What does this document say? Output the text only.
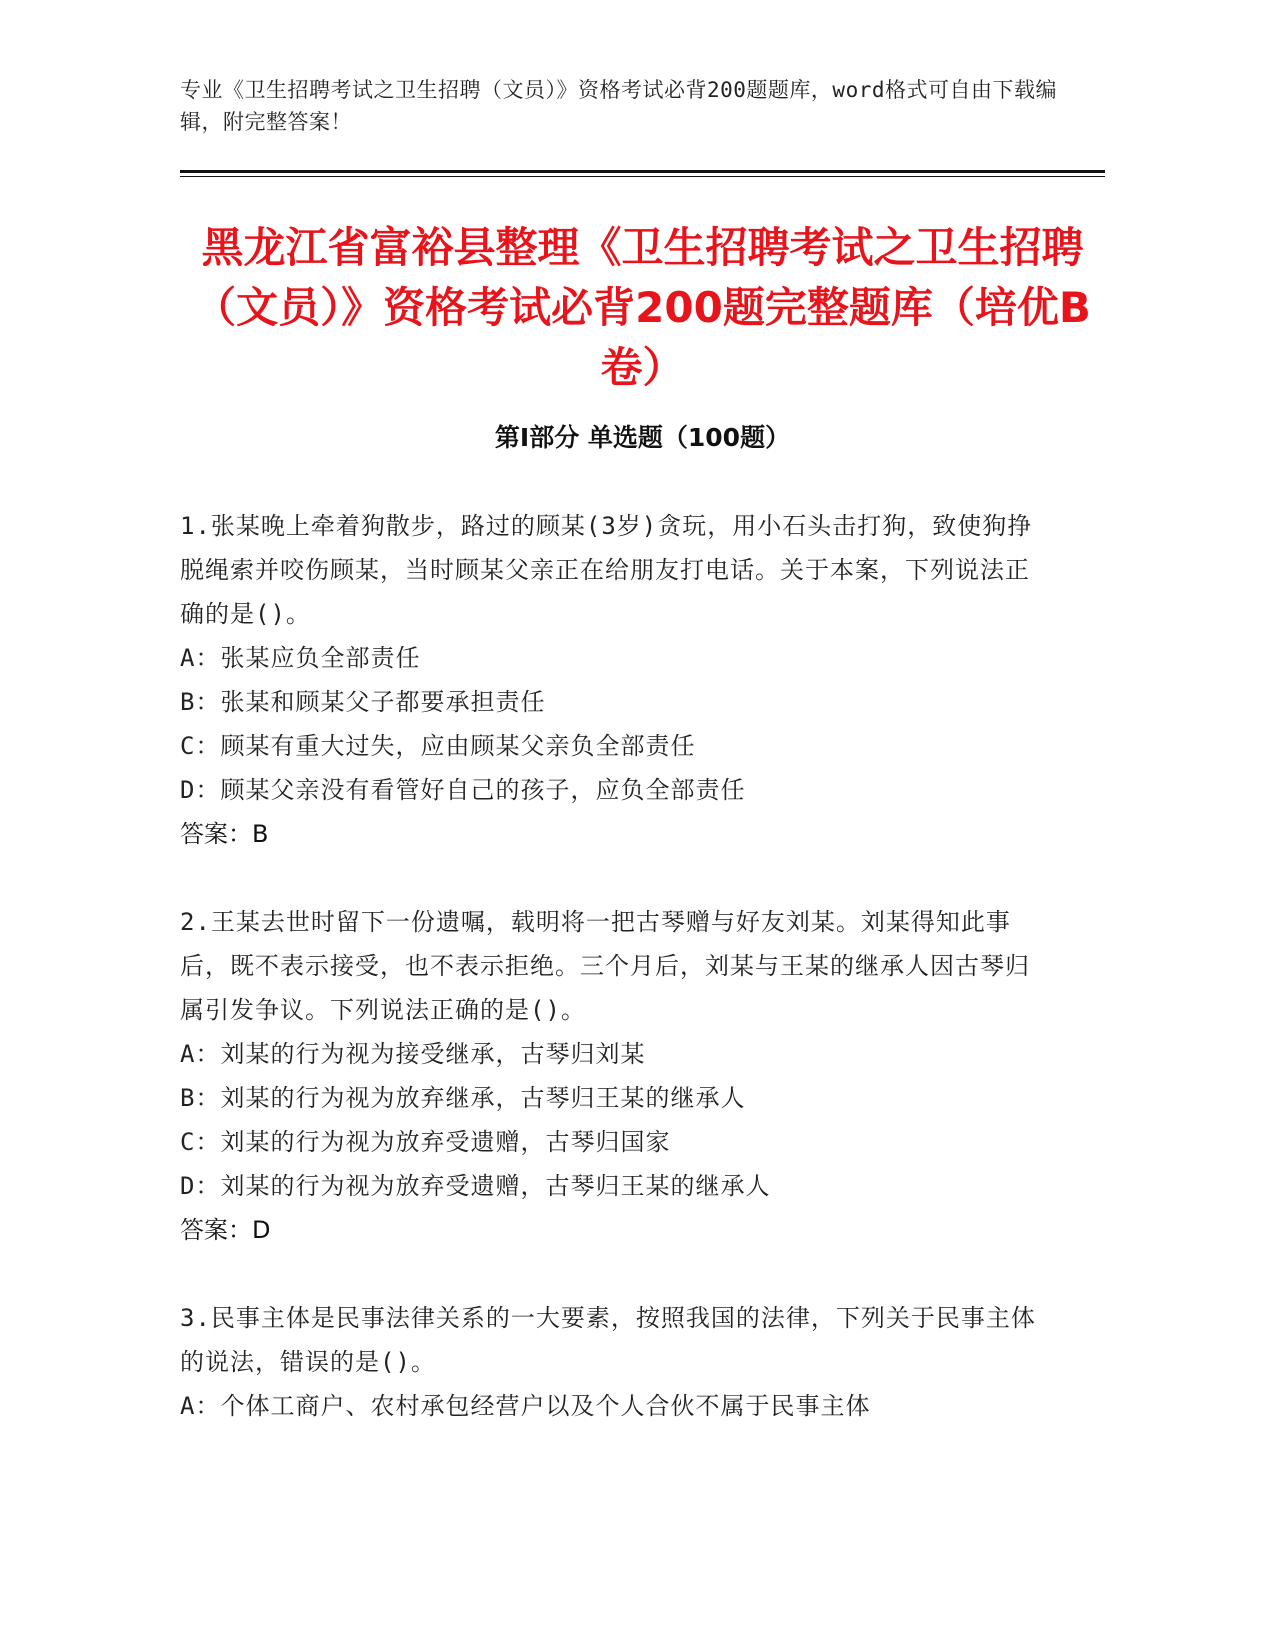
专业《卫生招聘考试之卫生招聘（文员）》资格考试必背200题题库，word格式可自由下载编辑，附完整答案！
黑龙江省富裕县整理《卫生招聘考试之卫生招聘（文员）》资格考试必背200题完整题库（培优B卷）
第I部分 单选题（100题）
1.张某晚上牵着狗散步，路过的顾某(3岁)贪玩，用小石头击打狗，致使狗挣脱绳索并咬伤顾某，当时顾某父亲正在给朋友打电话。关于本案，下列说法正确的是()。
A：张某应负全部责任
B：张某和顾某父子都要承担责任
C：顾某有重大过失，应由顾某父亲负全部责任
D：顾某父亲没有看管好自己的孩子，应负全部责任
答案：B
2.王某去世时留下一份遗嘱，载明将一把古琴赠与好友刘某。刘某得知此事后，既不表示接受，也不表示拒绝。三个月后，刘某与王某的继承人因古琴归属引发争议。下列说法正确的是()。
A：刘某的行为视为接受继承，古琴归刘某
B：刘某的行为视为放弃继承，古琴归王某的继承人
C：刘某的行为视为放弃受遗赠，古琴归国家
D：刘某的行为视为放弃受遗赠，古琴归王某的继承人
答案：D
3.民事主体是民事法律关系的一大要素，按照我国的法律，下列关于民事主体的说法，错误的是()。
A：个体工商户、农村承包经营户以及个人合伙不属于民事主体
